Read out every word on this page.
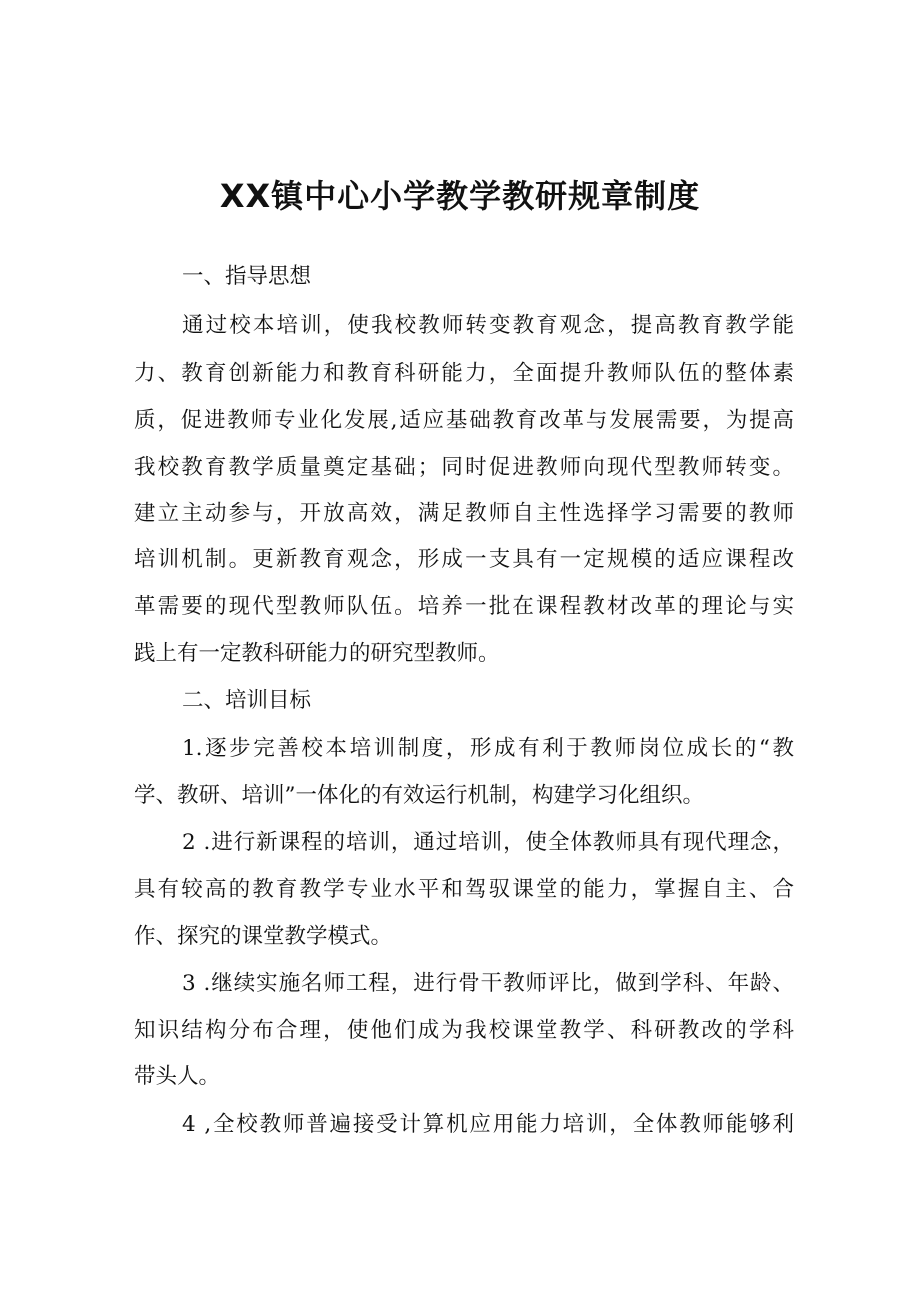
XX镇中心小学教学教研规章制度
一、指导思想

通过校本培训，使我校教师转变教育观念，提高教育教学能

力、教育创新能力和教育科研能力，全面提升教师队伍的整体素

质，促进教师专业化发展,适应基础教育改革与发展需要，为提高

我校教育教学质量奠定基础；同时促进教师向现代型教师转变。

建立主动参与，开放高效，满足教师自主性选择学习需要的教师

培训机制。更新教育观念，形成一支具有一定规模的适应课程改

革需要的现代型教师队伍。培养一批在课程教材改革的理论与实

践上有一定教科研能力的研究型教师。

二、培训目标

1.逐步完善校本培训制度，形成有利于教师岗位成长的“教

学、教研、培训”一体化的有效运行机制，构建学习化组织。

2 .进行新课程的培训，通过培训，使全体教师具有现代理念，

具有较高的教育教学专业水平和驾驭课堂的能力，掌握自主、合

作、探究的课堂教学模式。

3 .继续实施名师工程，进行骨干教师评比，做到学科、年龄、

知识结构分布合理，使他们成为我校课堂教学、科研教改的学科

带头人。

4 ,全校教师普遍接受计算机应用能力培训，全体教师能够利
